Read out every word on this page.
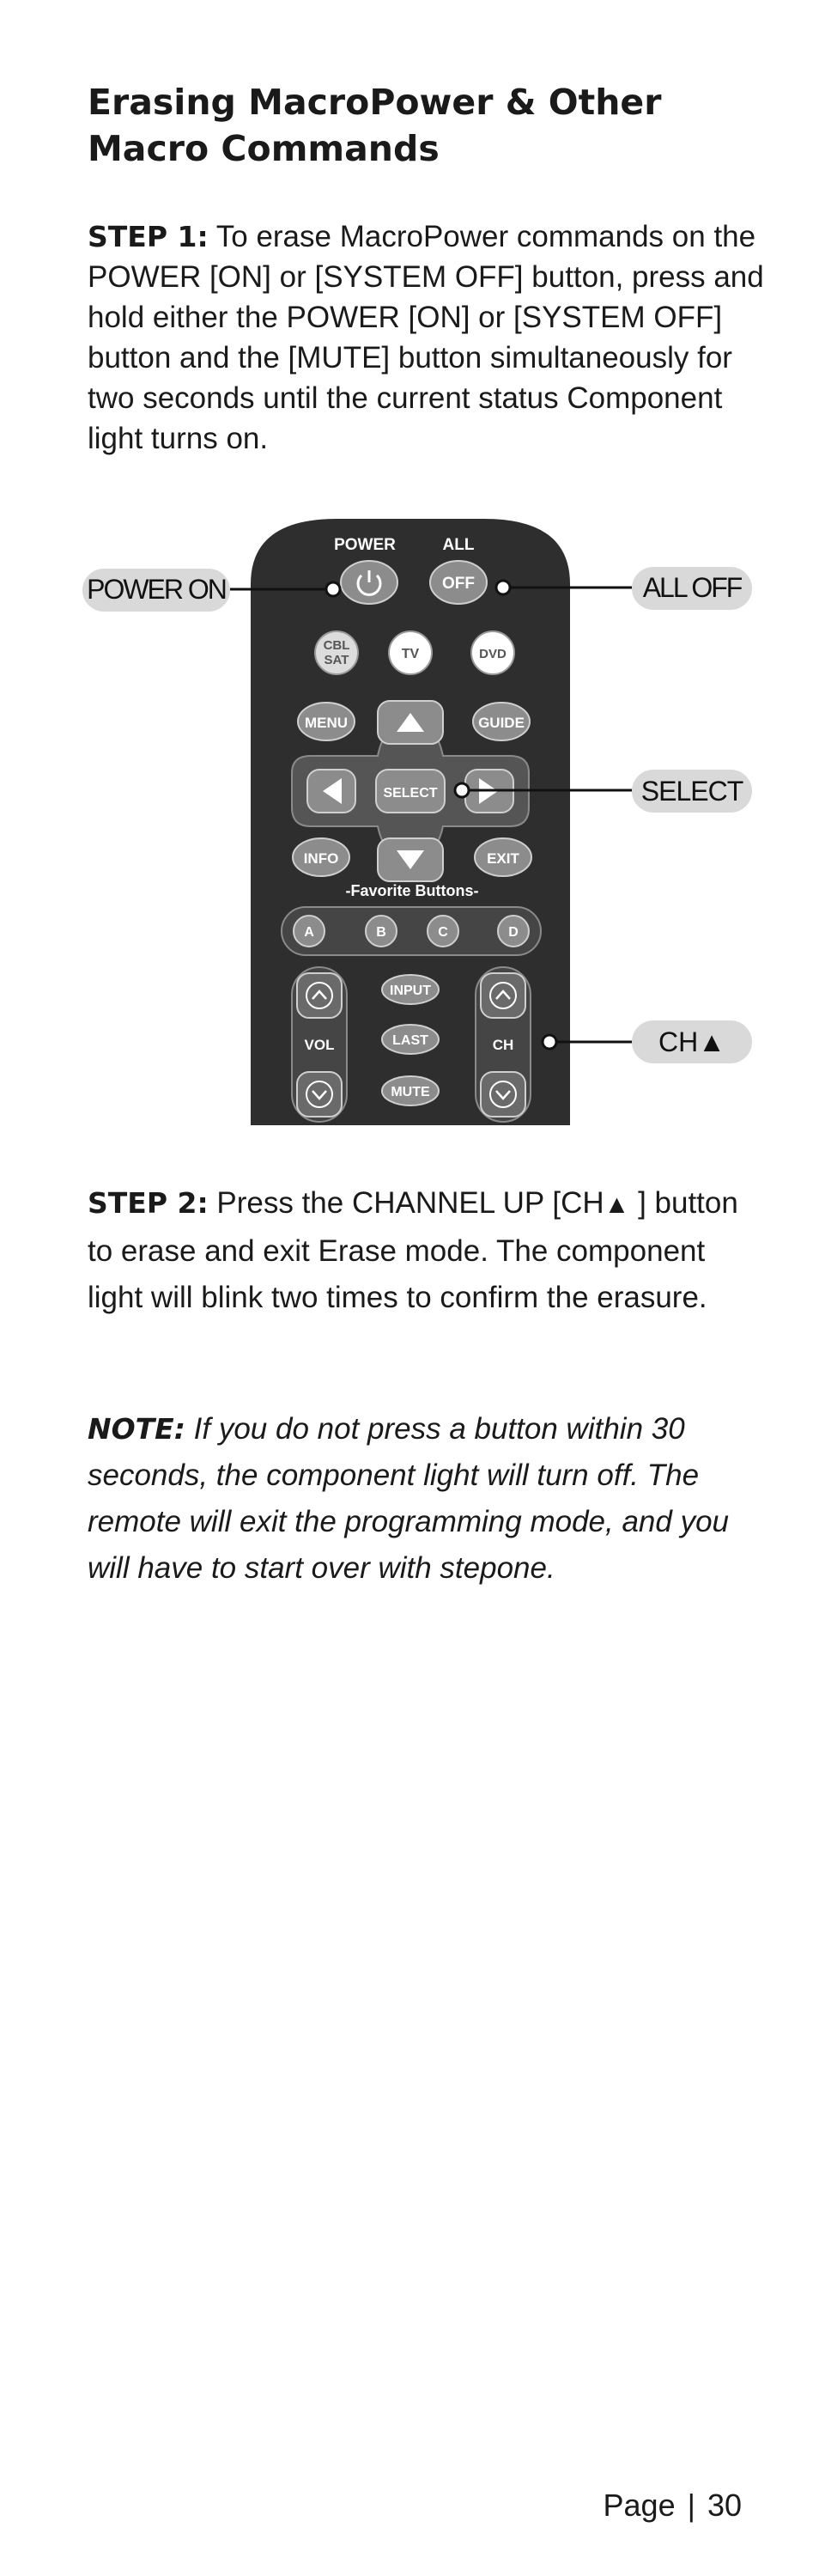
Erasing MacroPower & Other Macro Commands

STEP 1: To erase MacroPower commands on the POWER [ON] or [SYSTEM OFF] button, press and hold either the POWER [ON] or [SYSTEM OFF] button and the [MUTE] button simultaneously for two seconds until the current status Component light turns on.

POWER	ALL
OFF
CBL
SAT	TV	DVD
MENU	GUIDE
SELECT
INFO	EXIT
-Favorite Buttons-
A	B	C	D
VOL	CH
INPUT
LAST
MUTE
POWER ON	ALL OFF
SELECT
CH▲

STEP 2: Press the CHANNEL UP [CH▲ ] button to erase and exit Erase mode. The component light will blink two times to confirm the erasure.

NOTE: If you do not press a button within 30 seconds, the component light will turn off. The remote will exit the programming mode, and you will have to start over with stepone.

Page | 30
